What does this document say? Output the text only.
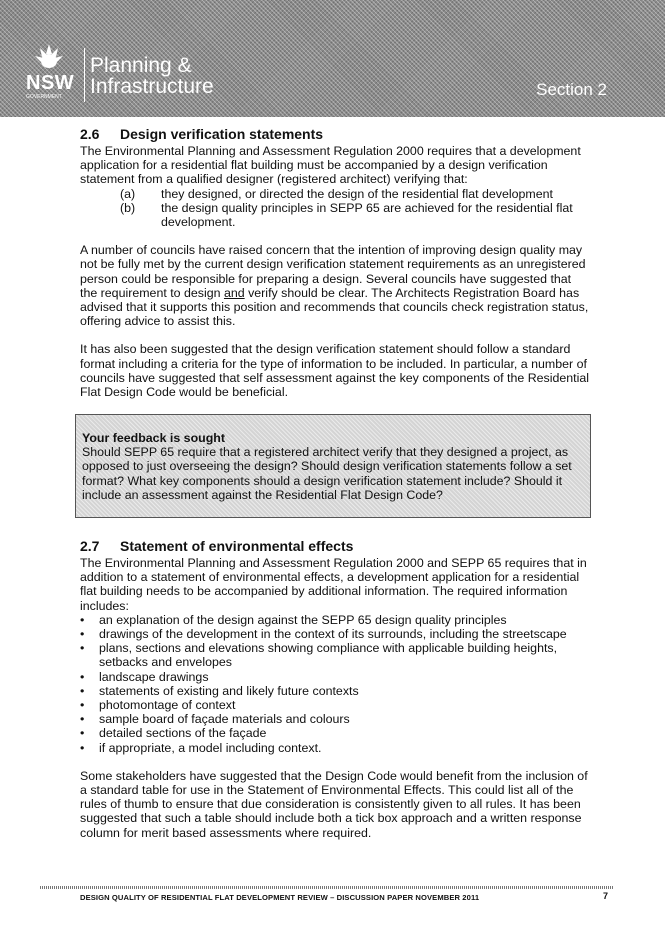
NSW
GOVERNMENT
Planning &
Infrastructure	Section 2
2.6 Design verification statements

The Environmental Planning and Assessment Regulation 2000 requires that a development application for a residential flat building must be accompanied by a design verification statement from a qualified designer (registered architect) verifying that:

(a) they designed, or directed the design of the residential flat development
(b) the design quality principles in SEPP 65 are achieved for the residential flat development.

A number of councils have raised concern that the intention of improving design quality may not be fully met by the current design verification statement requirements as an unregistered person could be responsible for preparing a design. Several councils have suggested that the requirement to design and verify should be clear. The Architects Registration Board has advised that it supports this position and recommends that councils check registration status, offering advice to assist this.

It has also been suggested that the design verification statement should follow a standard format including a criteria for the type of information to be included. In particular, a number of councils have suggested that self assessment against the key components of the Residential Flat Design Code would be beneficial.

Your feedback is sought
Should SEPP 65 require that a registered architect verify that they designed a project, as opposed to just overseeing the design? Should design verification statements follow a set format? What key components should a design verification statement include? Should it include an assessment against the Residential Flat Design Code?
2.7 Statement of environmental effects

The Environmental Planning and Assessment Regulation 2000 and SEPP 65 requires that in addition to a statement of environmental effects, a development application for a residential flat building needs to be accompanied by additional information. The required information includes:

• an explanation of the design against the SEPP 65 design quality principles
• drawings of the development in the context of its surrounds, including the streetscape
• plans, sections and elevations showing compliance with applicable building heights, setbacks and envelopes
• landscape drawings
• statements of existing and likely future contexts
• photomontage of context
• sample board of façade materials and colours
• detailed sections of the façade
• if appropriate, a model including context.

Some stakeholders have suggested that the Design Code would benefit from the inclusion of a standard table for use in the Statement of Environmental Effects. This could list all of the rules of thumb to ensure that due consideration is consistently given to all rules. It has been suggested that such a table should include both a tick box approach and a written response column for merit based assessments where required.

DESIGN QUALITY OF RESIDENTIAL FLAT DEVELOPMENT REVIEW – DISCUSSION PAPER NOVEMBER 2011	7
